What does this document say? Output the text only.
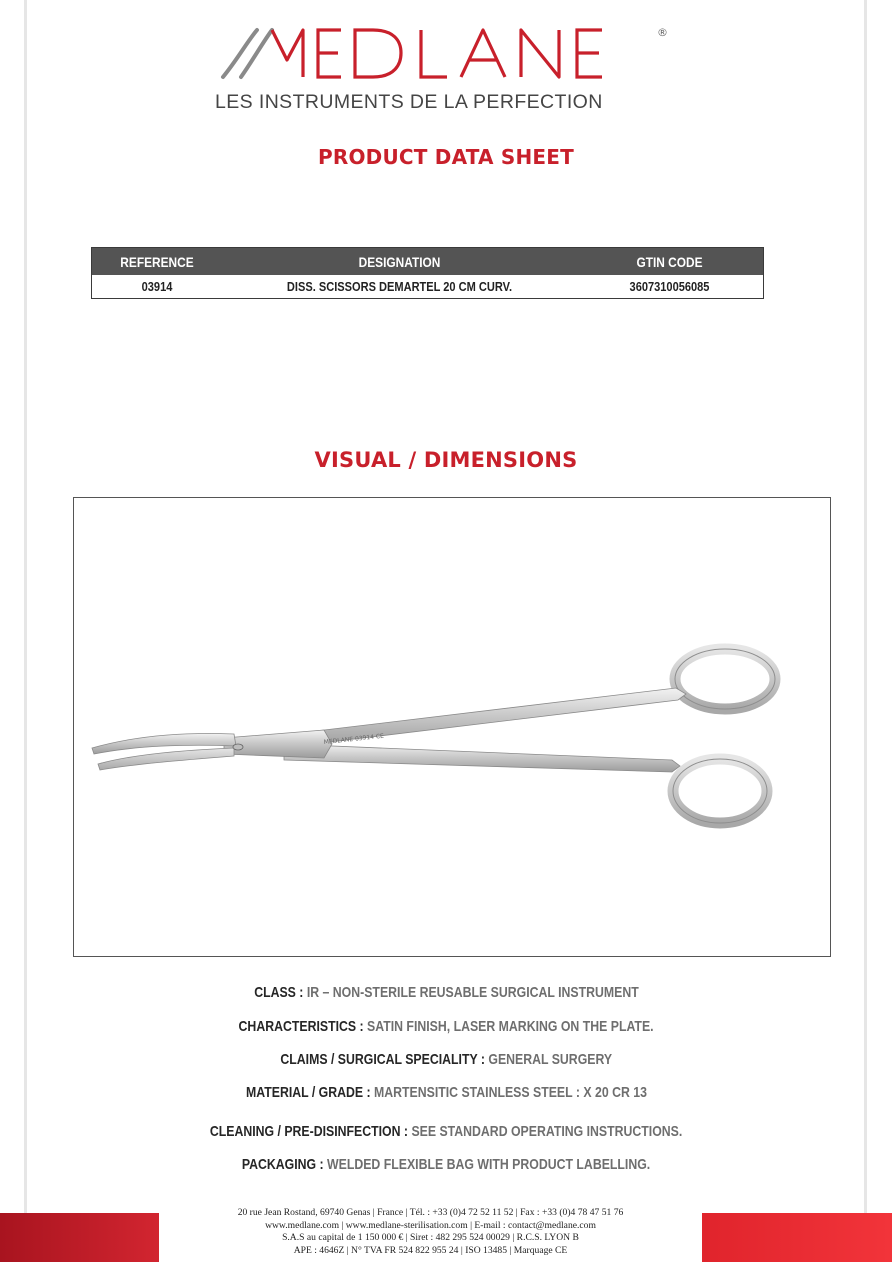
®
LES INSTRUMENTS DE LA PERFECTION
PRODUCT DATA SHEET
REFERENCE	DESIGNATION	GTIN CODE
03914	DISS. SCISSORS DEMARTEL 20 CM CURV.	3607310056085
VISUAL / DIMENSIONS
MEDLANE 03914 CE
CLASS : IR – NON-STERILE REUSABLE SURGICAL INSTRUMENT
CHARACTERISTICS : SATIN FINISH, LASER MARKING ON THE PLATE.
CLAIMS / SURGICAL SPECIALITY : GENERAL SURGERY
MATERIAL / GRADE : MARTENSITIC STAINLESS STEEL : X 20 CR 13
CLEANING / PRE-DISINFECTION : SEE STANDARD OPERATING INSTRUCTIONS.
PACKAGING : WELDED FLEXIBLE BAG WITH PRODUCT LABELLING.
20 rue Jean Rostand, 69740 Genas | France | Tél. : +33 (0)4 72 52 11 52 | Fax : +33 (0)4 78 47 51 76
www.medlane.com | www.medlane-sterilisation.com | E-mail : contact@medlane.com
S.A.S au capital de 1 150 000 € | Siret : 482 295 524 00029 | R.C.S. LYON B
APE : 4646Z | N° TVA FR 524 822 955 24 | ISO 13485 | Marquage CE
